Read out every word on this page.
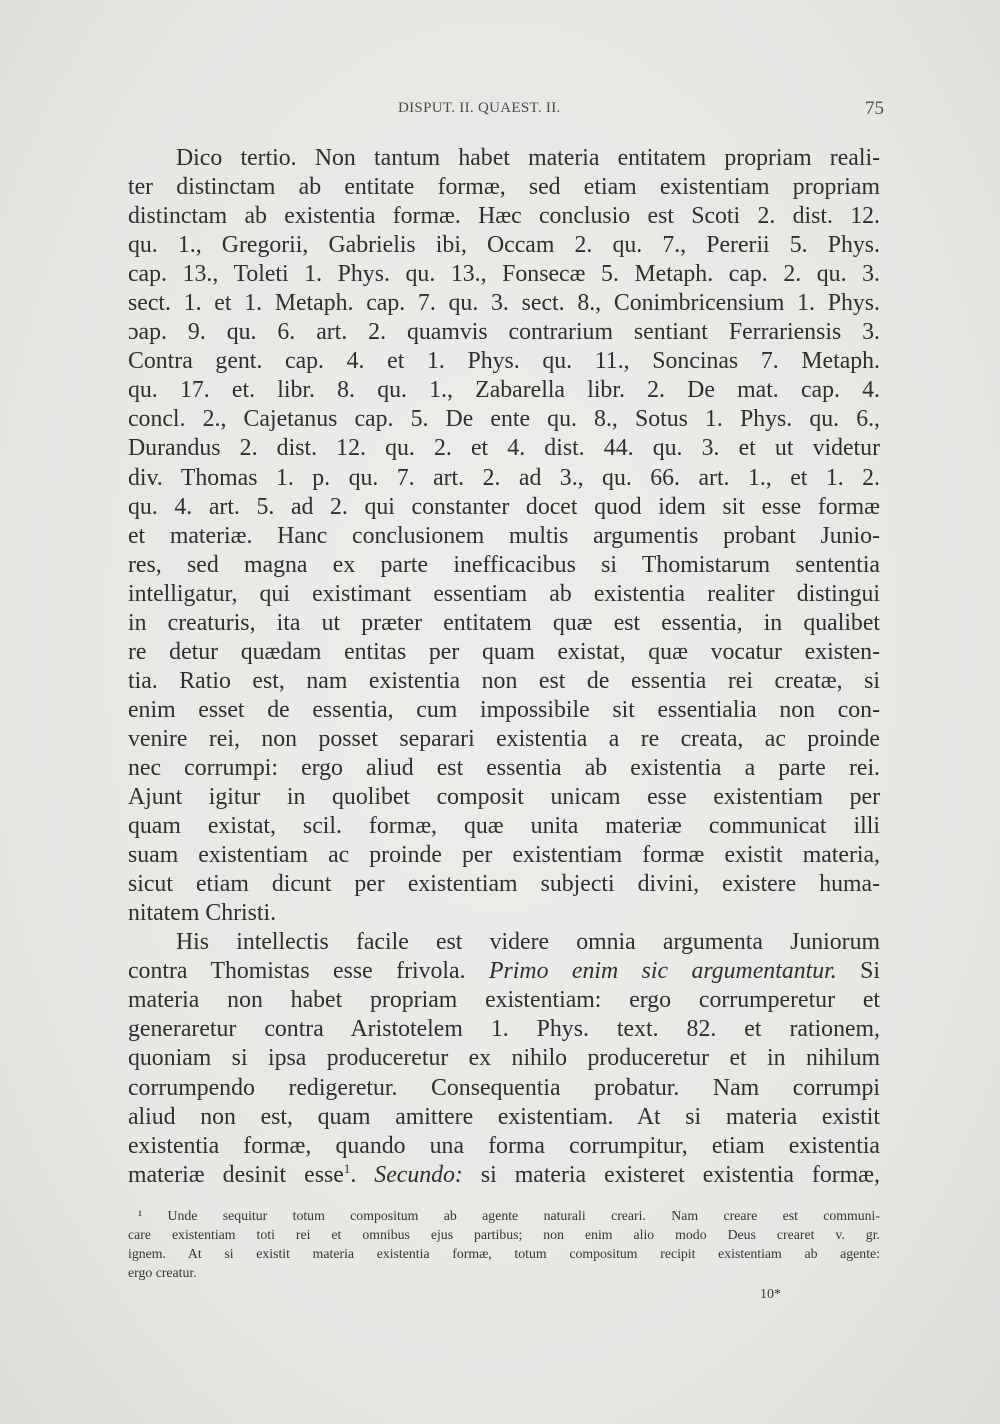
DISPUT. II. QUAEST. II.	75
Dico tertio. Non tantum habet materia entitatem propriam reali-
ter distinctam ab entitate formæ, sed etiam existentiam propriam
distinctam ab existentia formæ. Hæc conclusio est Scoti 2. dist. 12.
qu. 1., Gregorii, Gabrielis ibi, Occam 2. qu. 7., Pererii 5. Phys.
cap. 13., Toleti 1. Phys. qu. 13., Fonsecæ 5. Metaph. cap. 2. qu. 3.
sect. 1. et 1. Metaph. cap. 7. qu. 3. sect. 8., Conimbricensium 1. Phys.
ɔap. 9. qu. 6. art. 2. quamvis contrarium sentiant Ferrariensis 3.
Contra gent. cap. 4. et 1. Phys. qu. 11., Soncinas 7. Metaph.
qu. 17. et. libr. 8. qu. 1., Zabarella libr. 2. De mat. cap. 4.
concl. 2., Cajetanus cap. 5. De ente qu. 8., Sotus 1. Phys. qu. 6.,
Durandus 2. dist. 12. qu. 2. et 4. dist. 44. qu. 3. et ut videtur
div. Thomas 1. p. qu. 7. art. 2. ad 3., qu. 66. art. 1., et 1. 2.
qu. 4. art. 5. ad 2. qui constanter docet quod idem sit esse formæ
et materiæ. Hanc conclusionem multis argumentis probant Junio-
res, sed magna ex parte inefficacibus si Thomistarum sententia
intelligatur, qui existimant essentiam ab existentia realiter distingui
in creaturis, ita ut præter entitatem quæ est essentia, in qualibet
re detur quædam entitas per quam existat, quæ vocatur existen-
tia. Ratio est, nam existentia non est de essentia rei creatæ, si
enim esset de essentia, cum impossibile sit essentialia non con-
venire rei, non posset separari existentia a re creata, ac proinde
nec corrumpi: ergo aliud est essentia ab existentia a parte rei.
Ajunt igitur in quolibet composit unicam esse existentiam per
quam existat, scil. formæ, quæ unita materiæ communicat illi
suam existentiam ac proinde per existentiam formæ existit materia,
sicut etiam dicunt per existentiam subjecti divini, existere huma-
nitatem Christi.
His intellectis facile est videre omnia argumenta Juniorum
contra Thomistas esse frivola. Primo enim sic argumentantur. Si
materia non habet propriam existentiam: ergo corrumperetur et
generaretur contra Aristotelem 1. Phys. text. 82. et rationem,
quoniam si ipsa produceretur ex nihilo produceretur et in nihilum
corrumpendo redigeretur. Consequentia probatur. Nam corrumpi
aliud non est, quam amittere existentiam. At si materia existit
existentia formæ, quando una forma corrumpitur, etiam existentia
materiæ desinit esse$^1$. Secundo: si materia existeret existentia formæ,
¹ Unde sequitur totum compositum ab agente naturali creari. Nam creare est communi-
care existentiam toti rei et omnibus ejus partibus; non enim alio modo Deus crearet v. gr.
ignem. At si existit materia existentia formæ, totum compositum recipit existentiam ab agente:
ergo creatur.
10*
